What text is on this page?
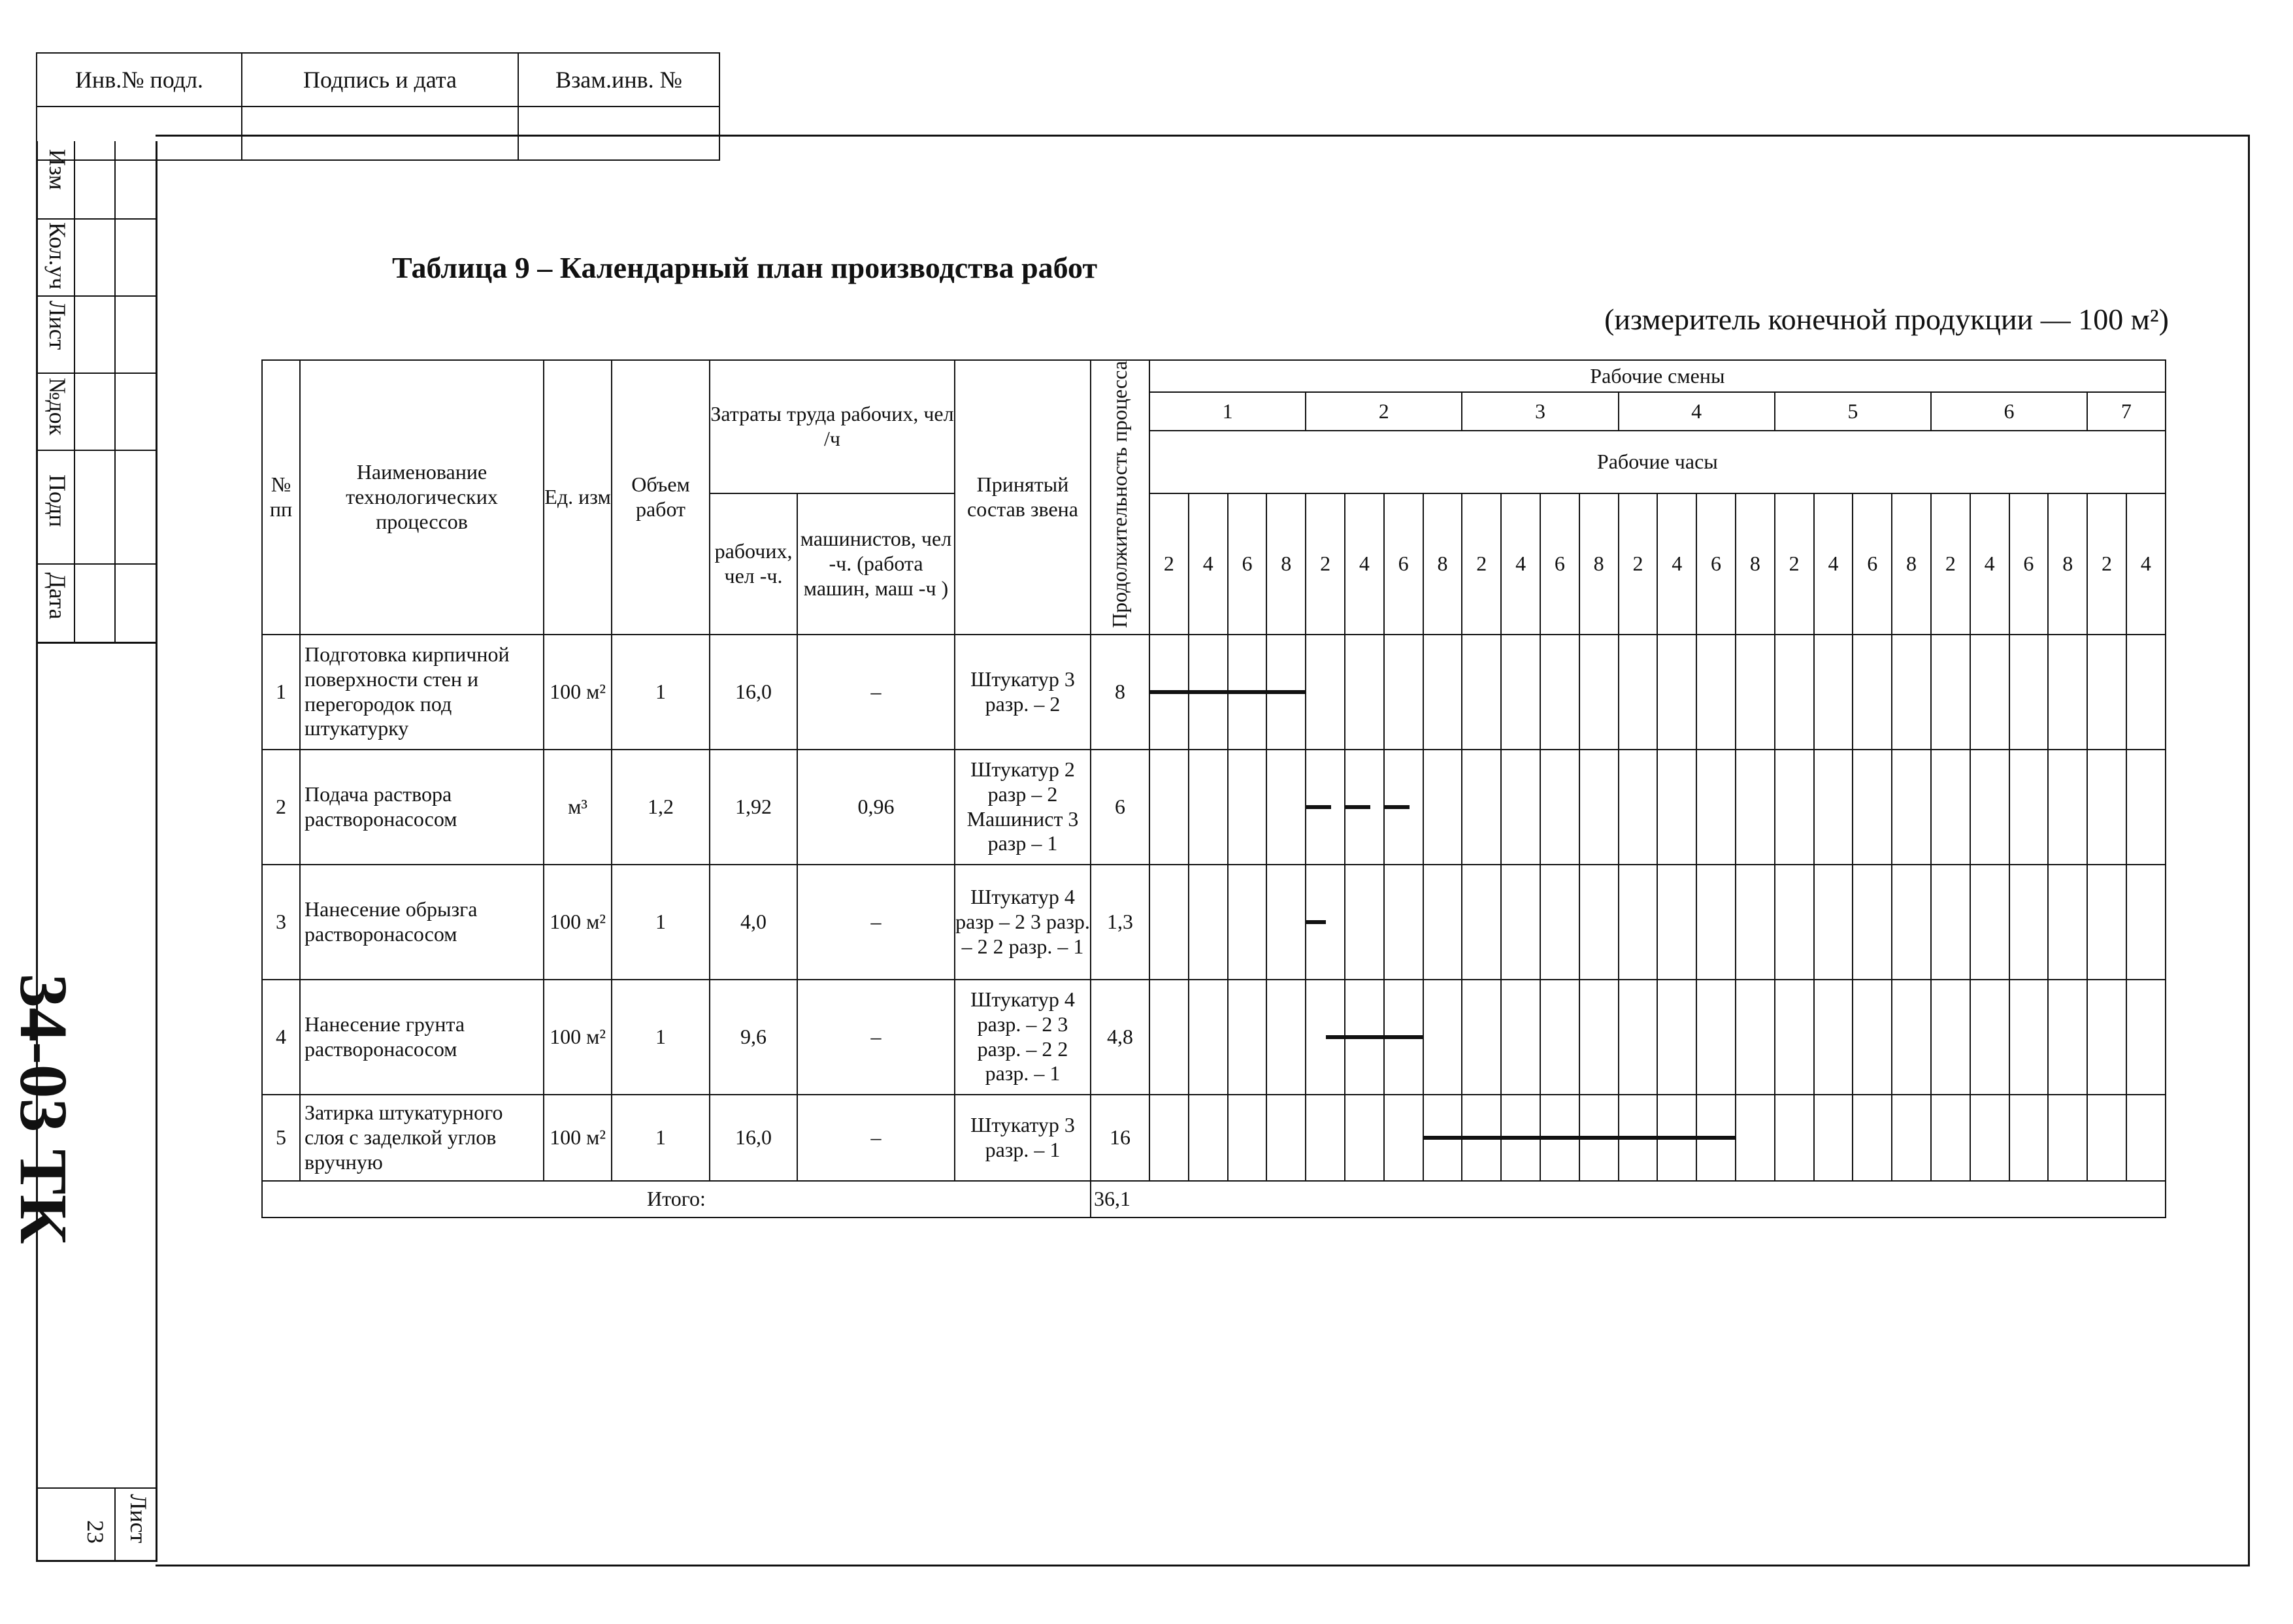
Инв.№ подл.	Подпись и дата	Взам.инв. №

Изм
Кол.уч
Лист
№док
Подп
Дата
Лист
23
34-03 ТК
Таблица 9 – Календарный план производства работ
(измеритель конечной продукции — 100 м²)
№ пп	Наименование технологических процессов	Ед. изм	Объем работ	Затраты труда рабочих, чел /ч		Принятый состав звена	Продолжительность процесса	Рабочие смены																									
								1				2				3				4				5				6				7	
								Рабочие часы																									
				рабочих, чел -ч.	машинистов, чел -ч. (работа машин, маш -ч )			2	4	6	8	2	4	6	8	2	4	6	8	2	4	6	8	2	4	6	8	2	4	6	8	2	4
1	Подготовка кирпичной поверхности стен и перегородок под штукатурку	100 м²	1	16,0	–	Штукатур 3 разр. – 2	8	

2	Подача раствора растворонасосом	м³	1,2	1,92	0,96	Штукатур 2 разр – 2 Машинист 3 разр – 1	6	

3	Нанесение обрызга растворонасосом	100 м²	1	4,0	–	Штукатур 4 разр – 2 3 разр. – 2 2 разр. – 1	1,3	

4	Нанесение грунта растворонасосом	100 м²	1	9,6	–	Штукатур 4 разр. – 2 3 разр. – 2 2 разр. – 1	4,8	

5	Затирка штукатурного слоя с заделкой углов вручную	100 м²	1	16,0	–	Штукатур 3 разр. – 1	16	

Итого:							36,1																										
